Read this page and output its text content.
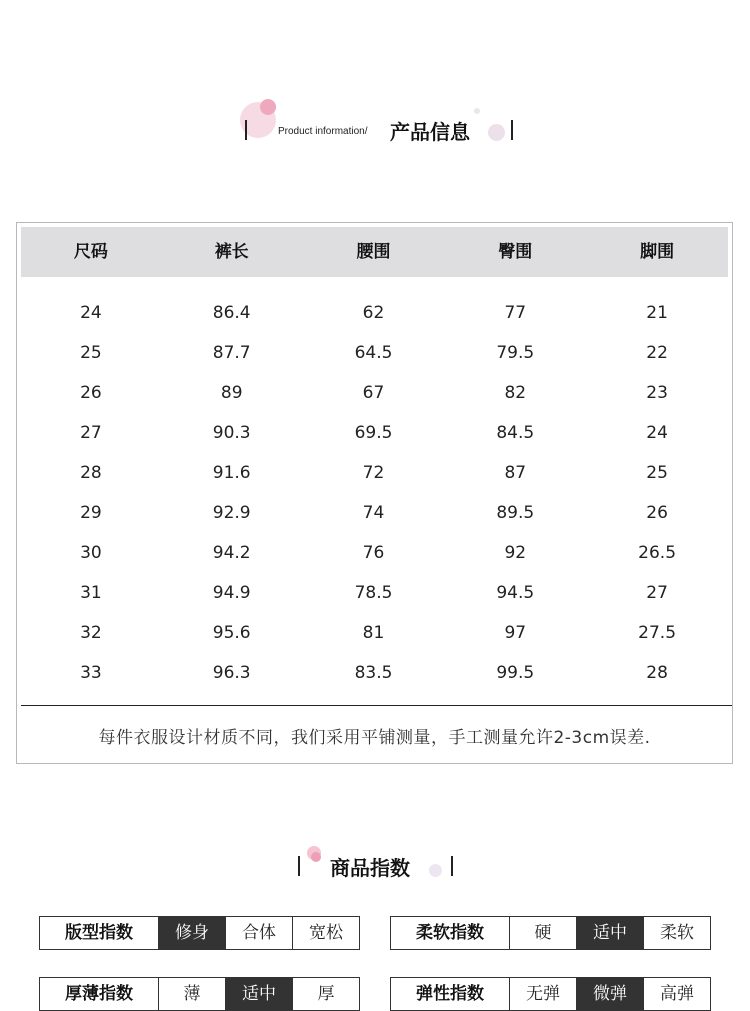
Product information/ 产品信息
尺码	裤长	腰围	臀围	脚围
24	86.4	62	77	21
25	87.7	64.5	79.5	22
26	89	67	82	23
27	90.3	69.5	84.5	24
28	91.6	72	87	25
29	92.9	74	89.5	26
30	94.2	76	92	26.5
31	94.9	78.5	94.5	27
32	95.6	81	97	27.5
33	96.3	83.5	99.5	28
每件衣服设计材质不同，我们采用平铺测量，手工测量允许2-3cm误差.
商品指数
版型指数	修身	合体	宽松	柔软指数	硬	适中	柔软
厚薄指数	薄	适中	厚	弹性指数	无弹	微弹	高弹
